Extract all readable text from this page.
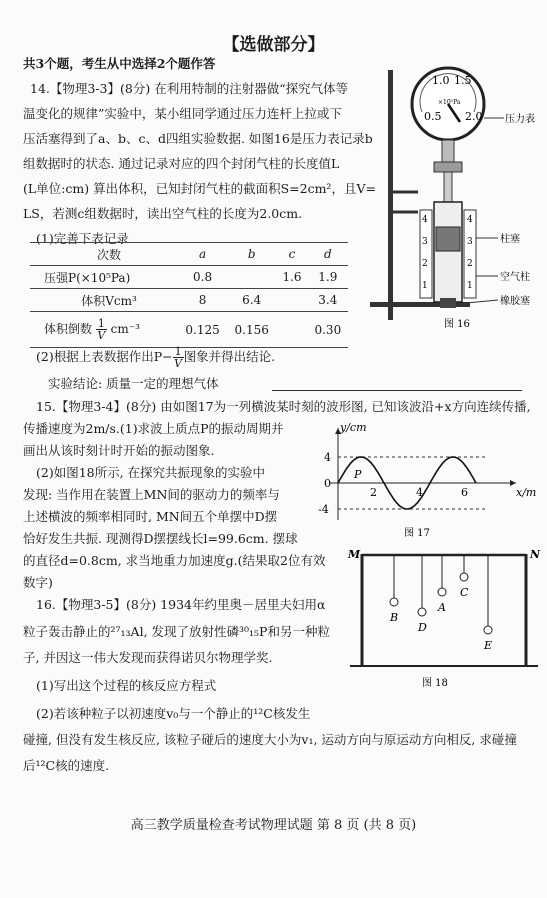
【选做部分】
共3个题，考生从中选择2个题作答
14.【物理3-3】(8分) 在利用特制的注射器做“探究气体等
温变化的规律”实验中，某小组同学通过压力连杆上拉或下
压活塞得到了a、b、c、d四组实验数据. 如图16是压力表记录b
组数据时的状态. 通过记录对应的四个封闭气柱的长度值L
(L单位:cm) 算出体积，已知封闭气柱的截面积S=2cm²，且V=
LS，若测c组数据时，读出空气柱的长度为2.0cm.
(1)完善下表记录
次数	a	b	c	d
压强P(×10⁵Pa)	0.8		1.6	1.9
体积Vcm³	8	6.4		3.4
体积倒数 $\frac{1}{V} cm^{-3}$	0.125	0.156		0.30
(2)根据上表数据作出$P- \frac{1}{V}$ 图象并得出结论.
实验结论: 质量一定的理想气体
0.5
1.0 1.5
2.0
×10⁵Pa
4
3
2
1
4
3
2
1
压力表
柱塞
空气柱
橡胶塞
图 16
15.【物理3-4】(8分) 由如图17为一列横波某时刻的波形图, 已知该波沿+x方向连续传播,
传播速度为2m/s.(1)求波上质点P的振动周期并
画出从该时刻计时开始的振动图象.
(2)如图18所示, 在探究共振现象的实验中
发现: 当作用在装置上MN间的驱动力的频率与
上述横波的频率相同时, MN间五个单摆中D摆
恰好发生共振. 现测得D摆摆线长l=99.6cm. 摆球
的直径d=0.8cm, 求当地重力加速度g.(结果取2位有效
数字)
y/cm
x/m
4
0
-4
2	4	6
P
图 17
M	N
B
D
A
C
E
图 18
16.【物理3-5】(8分) 1934年约里奥－居里夫妇用α
粒子轰击静止的²⁷₁₃Al, 发现了放射性磷³⁰₁₅P和另一种粒
子, 并因这一伟大发现而获得诺贝尔物理学奖.
(1)写出这个过程的核反应方程式
(2)若该种粒子以初速度v₀与一个静止的¹²C核发生
碰撞, 但没有发生核反应, 该粒子碰后的速度大小为v₁, 运动方向与原运动方向相反, 求碰撞
后¹²C核的速度.
高三教学质量检查考试物理试题 第 8 页 (共 8 页)
